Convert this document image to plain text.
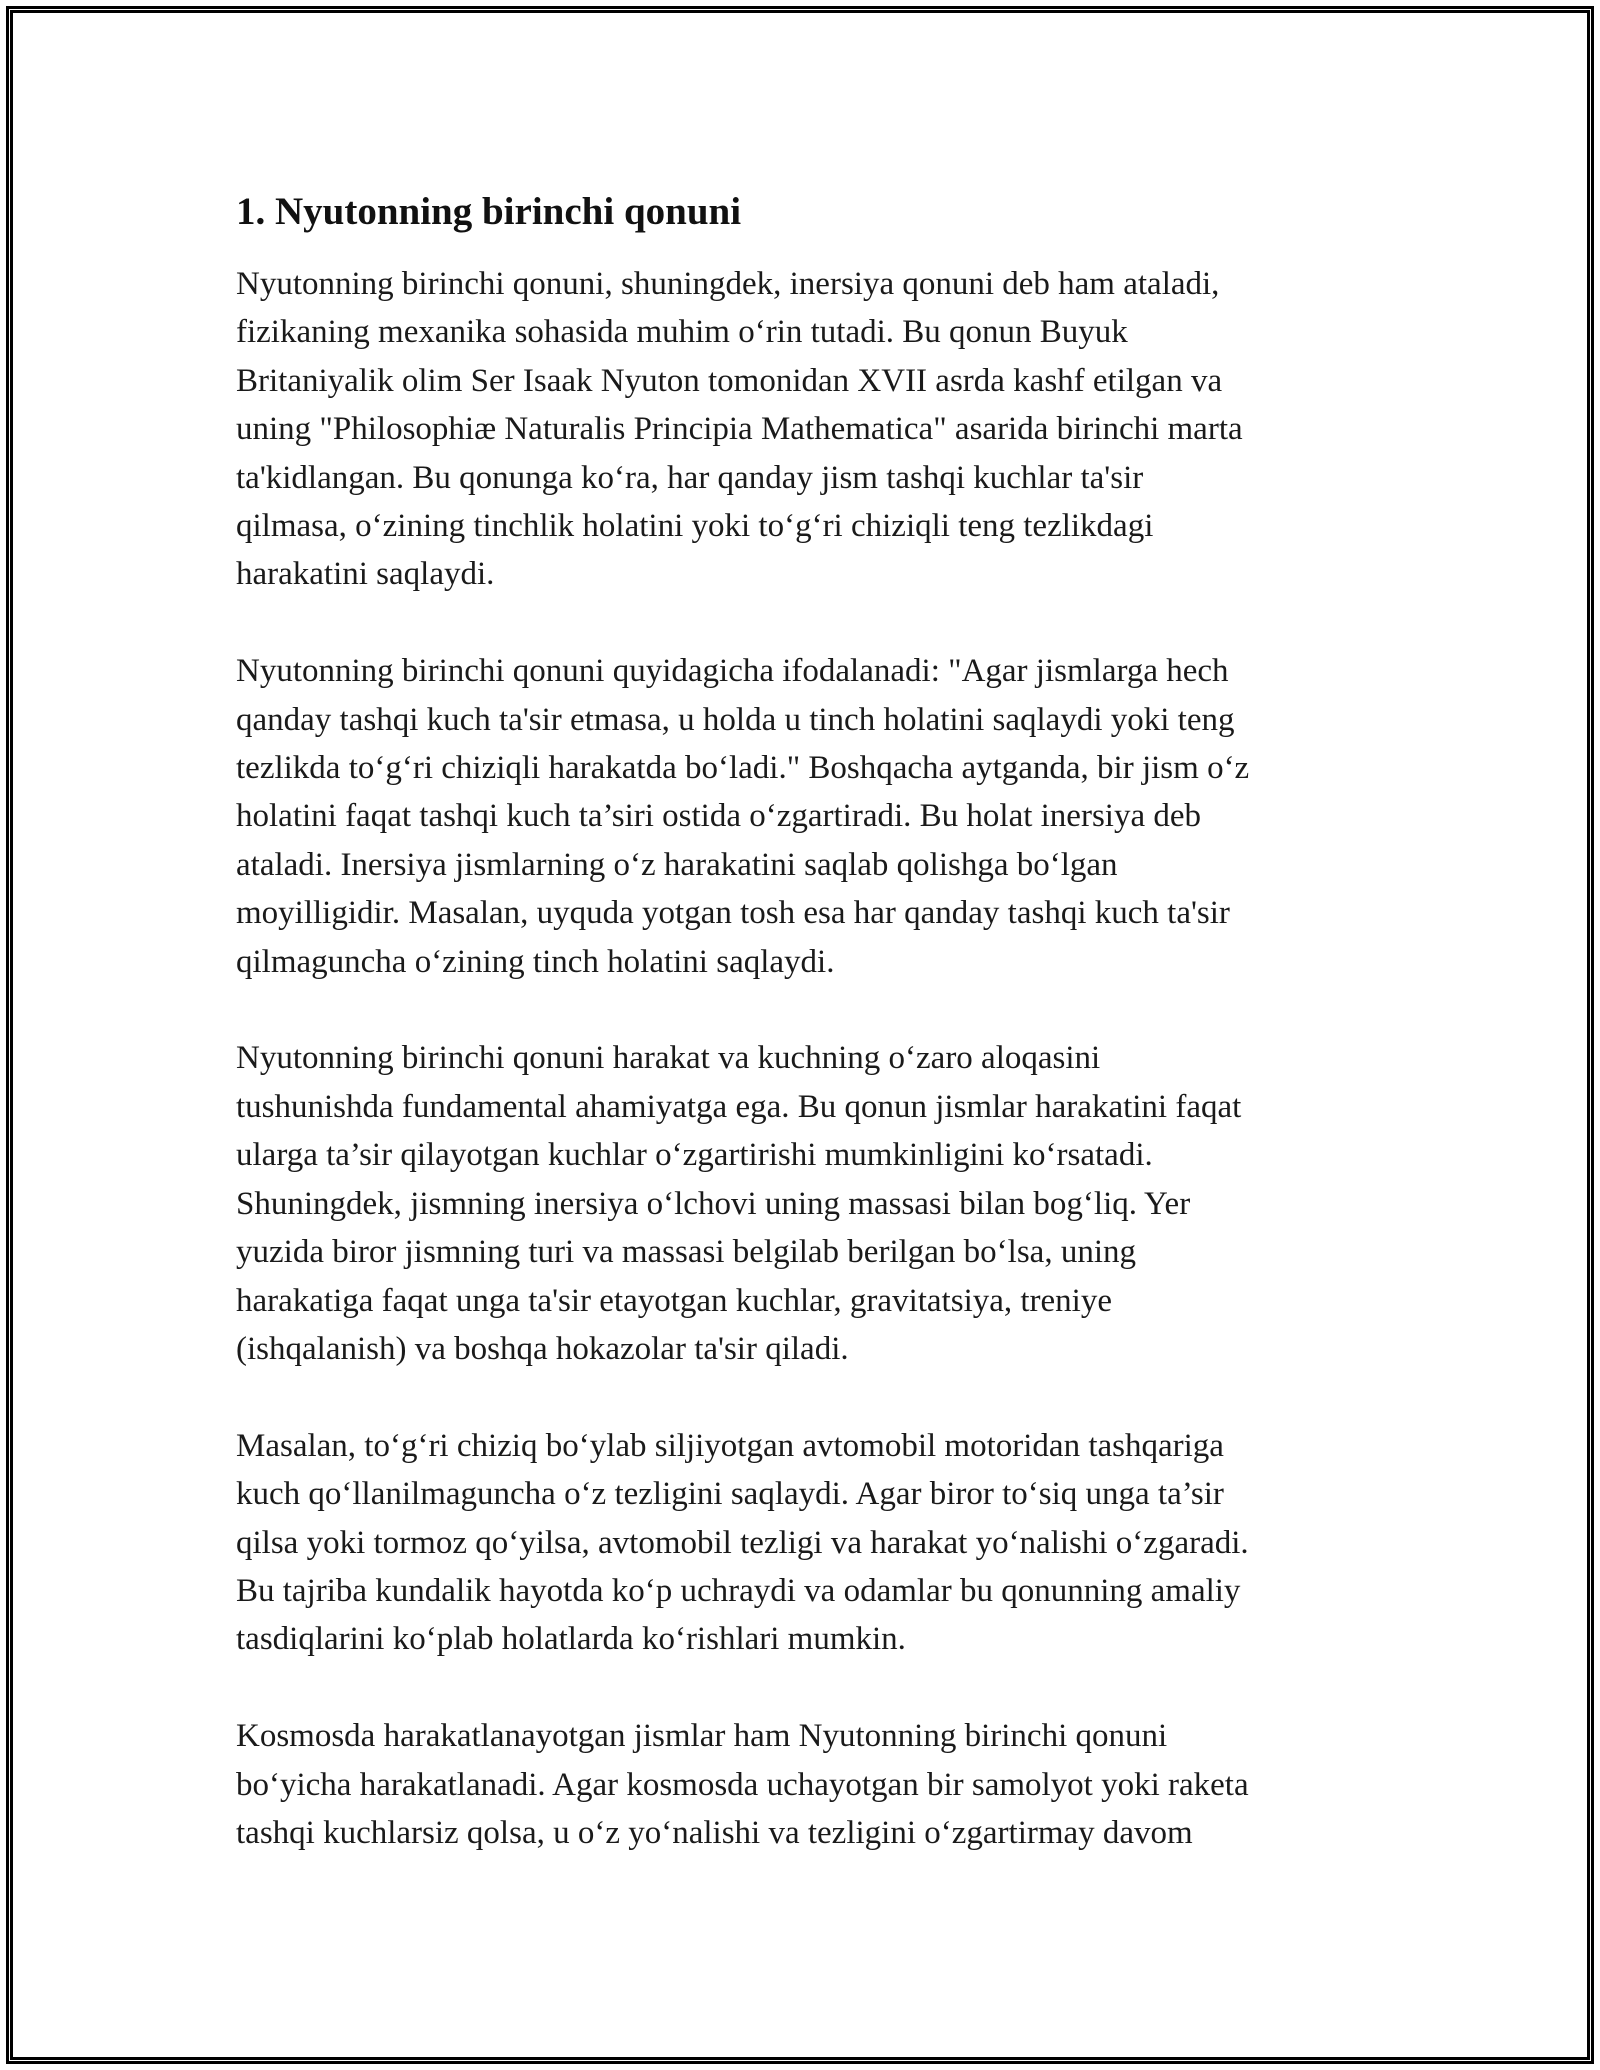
1. Nyutonning birinchi qonuni

Nyutonning birinchi qonuni, shuningdek, inersiya qonuni deb ham ataladi,
fizikaning mexanika sohasida muhim oʻrin tutadi. Bu qonun Buyuk
Britaniyalik olim Ser Isaak Nyuton tomonidan XVII asrda kashf etilgan va
uning "Philosophiæ Naturalis Principia Mathematica" asarida birinchi marta
ta'kidlangan. Bu qonunga koʻra, har qanday jism tashqi kuchlar ta'sir
qilmasa, oʻzining tinchlik holatini yoki toʻgʻri chiziqli teng tezlikdagi
harakatini saqlaydi.

Nyutonning birinchi qonuni quyidagicha ifodalanadi: "Agar jismlarga hech
qanday tashqi kuch ta'sir etmasa, u holda u tinch holatini saqlaydi yoki teng
tezlikda toʻgʻri chiziqli harakatda boʻladi." Boshqacha aytganda, bir jism oʻz
holatini faqat tashqi kuch ta’siri ostida oʻzgartiradi. Bu holat inersiya deb
ataladi. Inersiya jismlarning oʻz harakatini saqlab qolishga boʻlgan
moyilligidir. Masalan, uyquda yotgan tosh esa har qanday tashqi kuch ta'sir
qilmaguncha oʻzining tinch holatini saqlaydi.

Nyutonning birinchi qonuni harakat va kuchning oʻzaro aloqasini
tushunishda fundamental ahamiyatga ega. Bu qonun jismlar harakatini faqat
ularga ta’sir qilayotgan kuchlar oʻzgartirishi mumkinligini koʻrsatadi.
Shuningdek, jismning inersiya oʻlchovi uning massasi bilan bogʻliq. Yer
yuzida biror jismning turi va massasi belgilab berilgan boʻlsa, uning
harakatiga faqat unga ta'sir etayotgan kuchlar, gravitatsiya, treniye
(ishqalanish) va boshqa hokazolar ta'sir qiladi.

Masalan, toʻgʻri chiziq boʻylab siljiyotgan avtomobil motoridan tashqariga
kuch qoʻllanilmaguncha oʻz tezligini saqlaydi. Agar biror toʻsiq unga ta’sir
qilsa yoki tormoz qoʻyilsa, avtomobil tezligi va harakat yoʻnalishi oʻzgaradi.
Bu tajriba kundalik hayotda koʻp uchraydi va odamlar bu qonunning amaliy
tasdiqlarini koʻplab holatlarda koʻrishlari mumkin.

Kosmosda harakatlanayotgan jismlar ham Nyutonning birinchi qonuni
boʻyicha harakatlanadi. Agar kosmosda uchayotgan bir samolyot yoki raketa
tashqi kuchlarsiz qolsa, u oʻz yoʻnalishi va tezligini oʻzgartirmay davom
